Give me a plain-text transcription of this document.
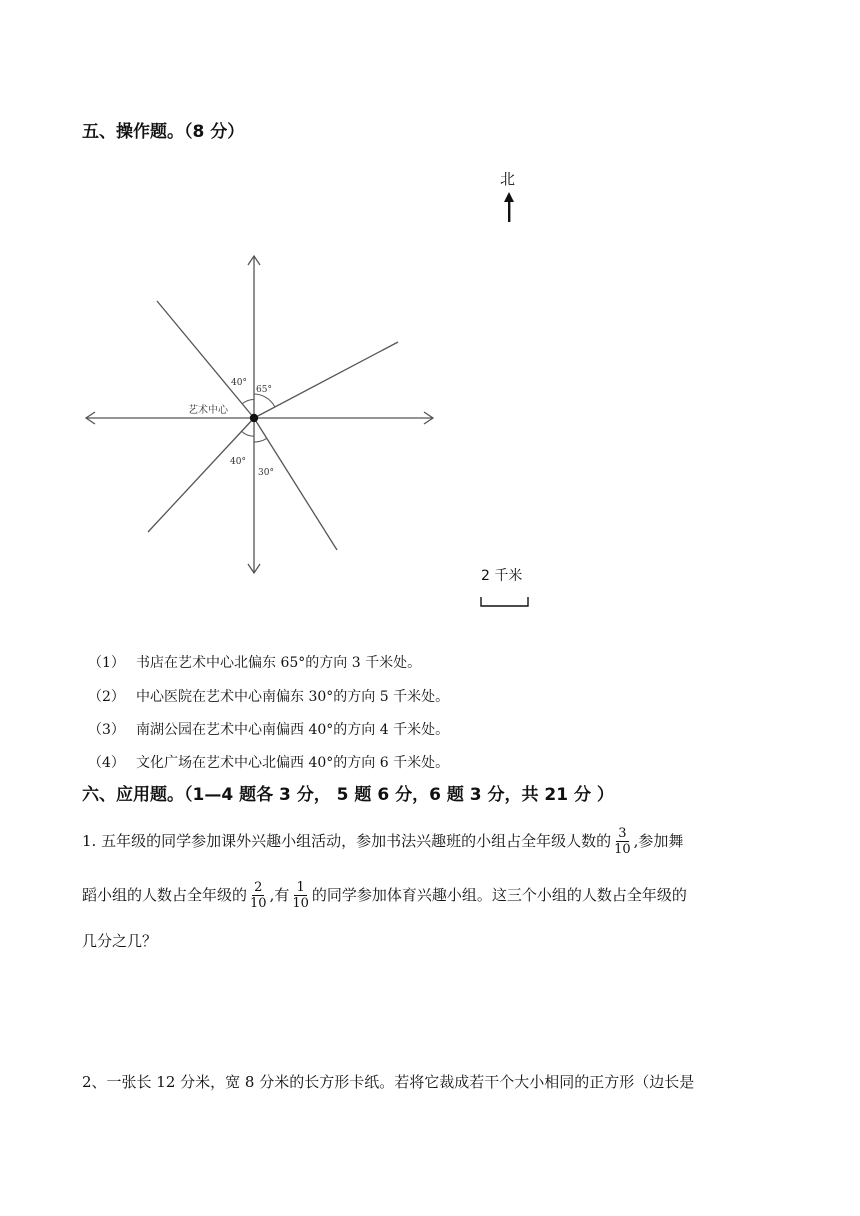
五、操作题。（8 分）
北
艺术中心
40°
65°
40°
30°
2 千米
（1） 书店在艺术中心北偏东 65°的方向 3 千米处。
（2） 中心医院在艺术中心南偏东 30°的方向 5 千米处。
（3） 南湖公园在艺术中心南偏西 40°的方向 4 千米处。
（4） 文化广场在艺术中心北偏西 40°的方向 6 千米处。
六、应用题。（1—4 题各 3 分， 5 题 6 分，6 题 3 分，共 21 分 ）
1. 五年级的同学参加课外兴趣小组活动，参加书法兴趣班的小组占全年级人数的 $\frac{3}{10}$ ,参加舞
蹈小组的人数占全年级的 $\frac{2}{10}$ ,有 $\frac{1}{10}$ 的同学参加体育兴趣小组。这三个小组的人数占全年级的
几分之几？
2、一张长 12 分米，宽 8 分米的长方形卡纸。若将它裁成若干个大小相同的正方形（边长是
